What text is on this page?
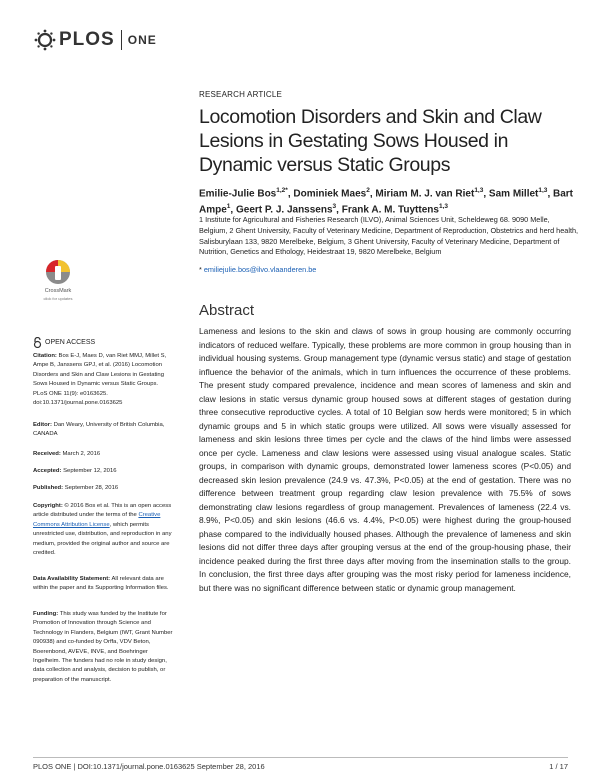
PLOS ONE
RESEARCH ARTICLE
Locomotion Disorders and Skin and Claw Lesions in Gestating Sows Housed in Dynamic versus Static Groups
Emilie-Julie Bos$^{1,2*}$, Dominiek Maes$^2$, Miriam M. J. van Riet$^{1,3}$, Sam Millet$^{1,3}$, Bart Ampe$^1$, Geert P. J. Janssens$^3$, Frank A. M. Tuyttens$^{1,3}$
1 Institute for Agricultural and Fisheries Research (ILVO), Animal Sciences Unit, Scheldeweg 68. 9090 Melle, Belgium, 2 Ghent University, Faculty of Veterinary Medicine, Department of Reproduction, Obstetrics and herd health, Salisburylaan 133, 9820 Merelbeke, Belgium, 3 Ghent University, Faculty of Veterinary Medicine, Department of Nutrition, Genetics and Ethology, Heidestraat 19, 9820 Merelbeke, Belgium
* emiliejulie.bos@ilvo.vlaanderen.be
Abstract
Lameness and lesions to the skin and claws of sows in group housing are commonly occurring indicators of reduced welfare. Typically, these problems are more common in group housing than in individual housing systems. Group management type (dynamic versus static) and stage of gestation influence the behavior of the animals, which in turn influences the occurrence of these problems. The present study compared prevalence, incidence and mean scores of lameness and skin and claw lesions in static versus dynamic group housed sows at different stages of gestation during three consecutive reproductive cycles. A total of 10 Belgian sow herds were monitored; 5 in which dynamic groups and 5 in which static groups were utilized. All sows were visually assessed for lameness and skin lesions three times per cycle and the claws of the hind limbs were assessed once per cycle. Lameness and claw lesions were assessed using visual analogue scales. Static groups, in comparison with dynamic groups, demonstrated lower lameness scores (P<0.05) and decreased skin lesion prevalence (24.9 vs. 47.3%, P<0.05) at the end of gestation. There was no difference between treatment group regarding claw lesion prevalence with 75.5% of sows demonstrating claw lesions regardless of group management. Prevalences of lameness (22.4 vs. 8.9%, P<0.05) and skin lesions (46.6 vs. 4.4%, P<0.05) were highest during the group-housed phase compared to the individually housed phases. Although the prevalence of lameness and skin lesions did not differ three days after grouping versus at the end of the group-housing phase, their incidence peaked during the first three days after moving from the insemination stalls to the group. In conclusion, the first three days after grouping was the most risky period for lameness incidence, but there was no significant difference between static or dynamic group management.
CrossMark
click for updates
OPEN ACCESS
Citation: Bos E-J, Maes D, van Riet MMJ, Millet S, Ampe B, Janssens GPJ, et al. (2016) Locomotion Disorders and Skin and Claw Lesions in Gestating Sows Housed in Dynamic versus Static Groups. PLoS ONE 11(9): e0163625. doi:10.1371/journal.pone.0163625
Editor: Dan Weary, University of British Columbia, CANADA
Received: March 2, 2016
Accepted: September 12, 2016
Published: September 28, 2016
Copyright: © 2016 Bos et al. This is an open access article distributed under the terms of the Creative Commons Attribution License, which permits unrestricted use, distribution, and reproduction in any medium, provided the original author and source are credited.
Data Availability Statement: All relevant data are within the paper and its Supporting Information files.
Funding: This study was funded by the Institute for Promotion of Innovation through Science and Technology in Flanders, Belgium (IWT, Grant Number 090938) and co-funded by Orffa, VDV Beton, Boerenbond, AVEVE, INVE, and Boehringer Ingelheim. The funders had no role in study design, data collection and analysis, decision to publish, or preparation of the manuscript.
PLOS ONE | DOI:10.1371/journal.pone.0163625 September 28, 2016	1 / 17
